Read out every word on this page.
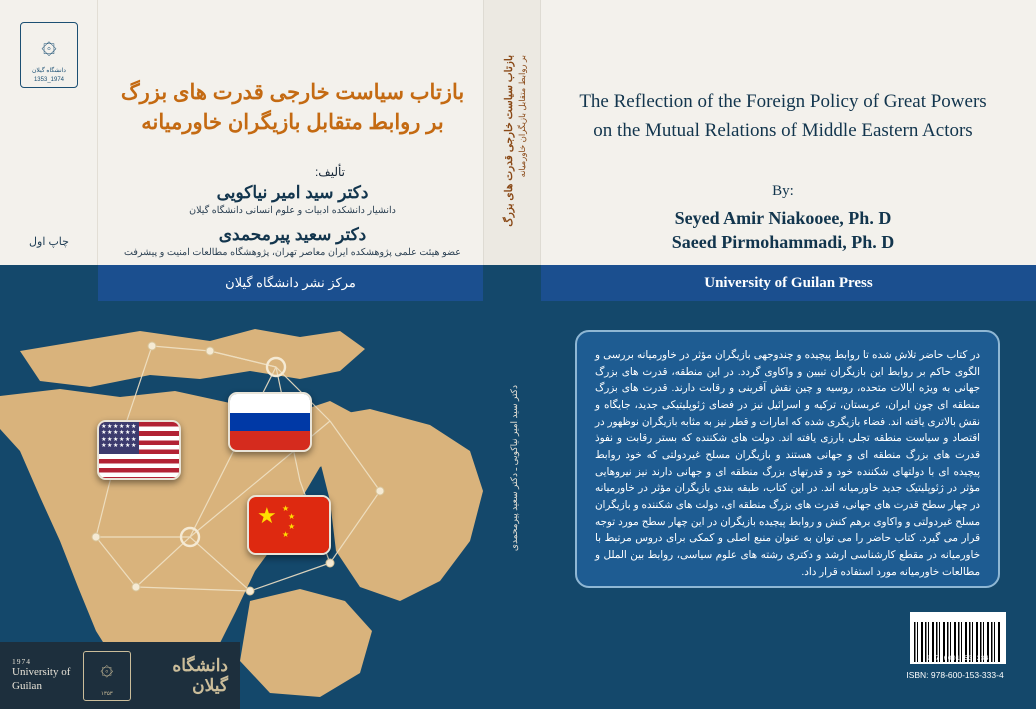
۞
دانشگاه گیلان
1353_1974
چاپ اول
بازتاب سیاست خارجی قدرت های بزرگ
بر روابط متقابل بازیگران خاورمیانه
تألیف:
دکتر سید امیر نیاکویی
دانشیار دانشکده ادبیات و علوم انسانی دانشگاه گیلان
دکتر سعید پیرمحمدی
عضو هیئت علمی پژوهشکده ایران معاصر تهران، پژوهشگاه مطالعات امنیت و پیشرفت
بازتاب سیاست خارجی قدرت های بزرگ بر روابط متقابل بازیگران خاورمیانه
دکتر سید امیر نیاکویی ـ دکتر سعید پیرمحمدی
The Reflection of the Foreign Policy of Great Powers
on the Mutual Relations of Middle Eastern Actors
By:
Seyed Amir Niakooee, Ph. D
Saeed Pirmohammadi, Ph. D
مرکز نشر دانشگاه گیلان	University of Guilan Press
★★★★★★
★★★★★★
★★★★★★
★★★★★★
★ ★
★
★
★
در کتاب حاضر تلاش شده تا روابط پیچیده و چندوجهی بازیگران مؤثر در خاورمیانه بررسی و الگوی حاکم بر روابط این بازیگران تبیین و واکاوی گردد. در این منطقه، قدرت های بزرگ جهانی به ویژه ایالات متحده، روسیه و چین نقش آفرینی و رقابت دارند. قدرت های بزرگ منطقه ای چون ایران، عربستان، ترکیه و اسرائیل نیز در فضای ژئوپلیتیکی جدید، جایگاه و نقش بالاتری یافته اند. فضاء بازیگری شده که امارات و قطر نیز به مثابه بازیگران نوظهور در اقتصاد و سیاست منطقه تجلی بارزی یافته اند. دولت های شکننده که بستر رقابت و نفوذ قدرت های بزرگ منطقه ای و جهانی هستند و بازیگران مسلح غیردولتی که خود روابط پیچیده ای با دولتهای شکننده خود و قدرتهای بزرگ منطقه ای و جهانی دارند نیز نیروهایی مؤثر در ژئوپلیتیک جدید خاورمیانه اند. در این کتاب، طبقه بندی بازیگران مؤثر در خاورمیانه در چهار سطح قدرت های جهانی، قدرت های بزرگ منطقه ای، دولت های شکننده و بازیگران مسلح غیردولتی و واکاوی برهم کنش و روابط پیچیده بازیگران در این چهار سطح مورد توجه قرار می گیرد. کتاب حاضر را می توان به عنوان منبع اصلی و کمکی برای دروس مرتبط با خاورمیانه در مقطع کارشناسی ارشد و دکتری رشته های علوم سیاسی، روابط بین الملل و مطالعات خاورمیانه مورد استفاده قرار داد.
9 786001 533334
ISBN: 978-600-153-333-4
1974
University of
Guilan
۞
۱۳۵۳
دانشگاه گیلان
